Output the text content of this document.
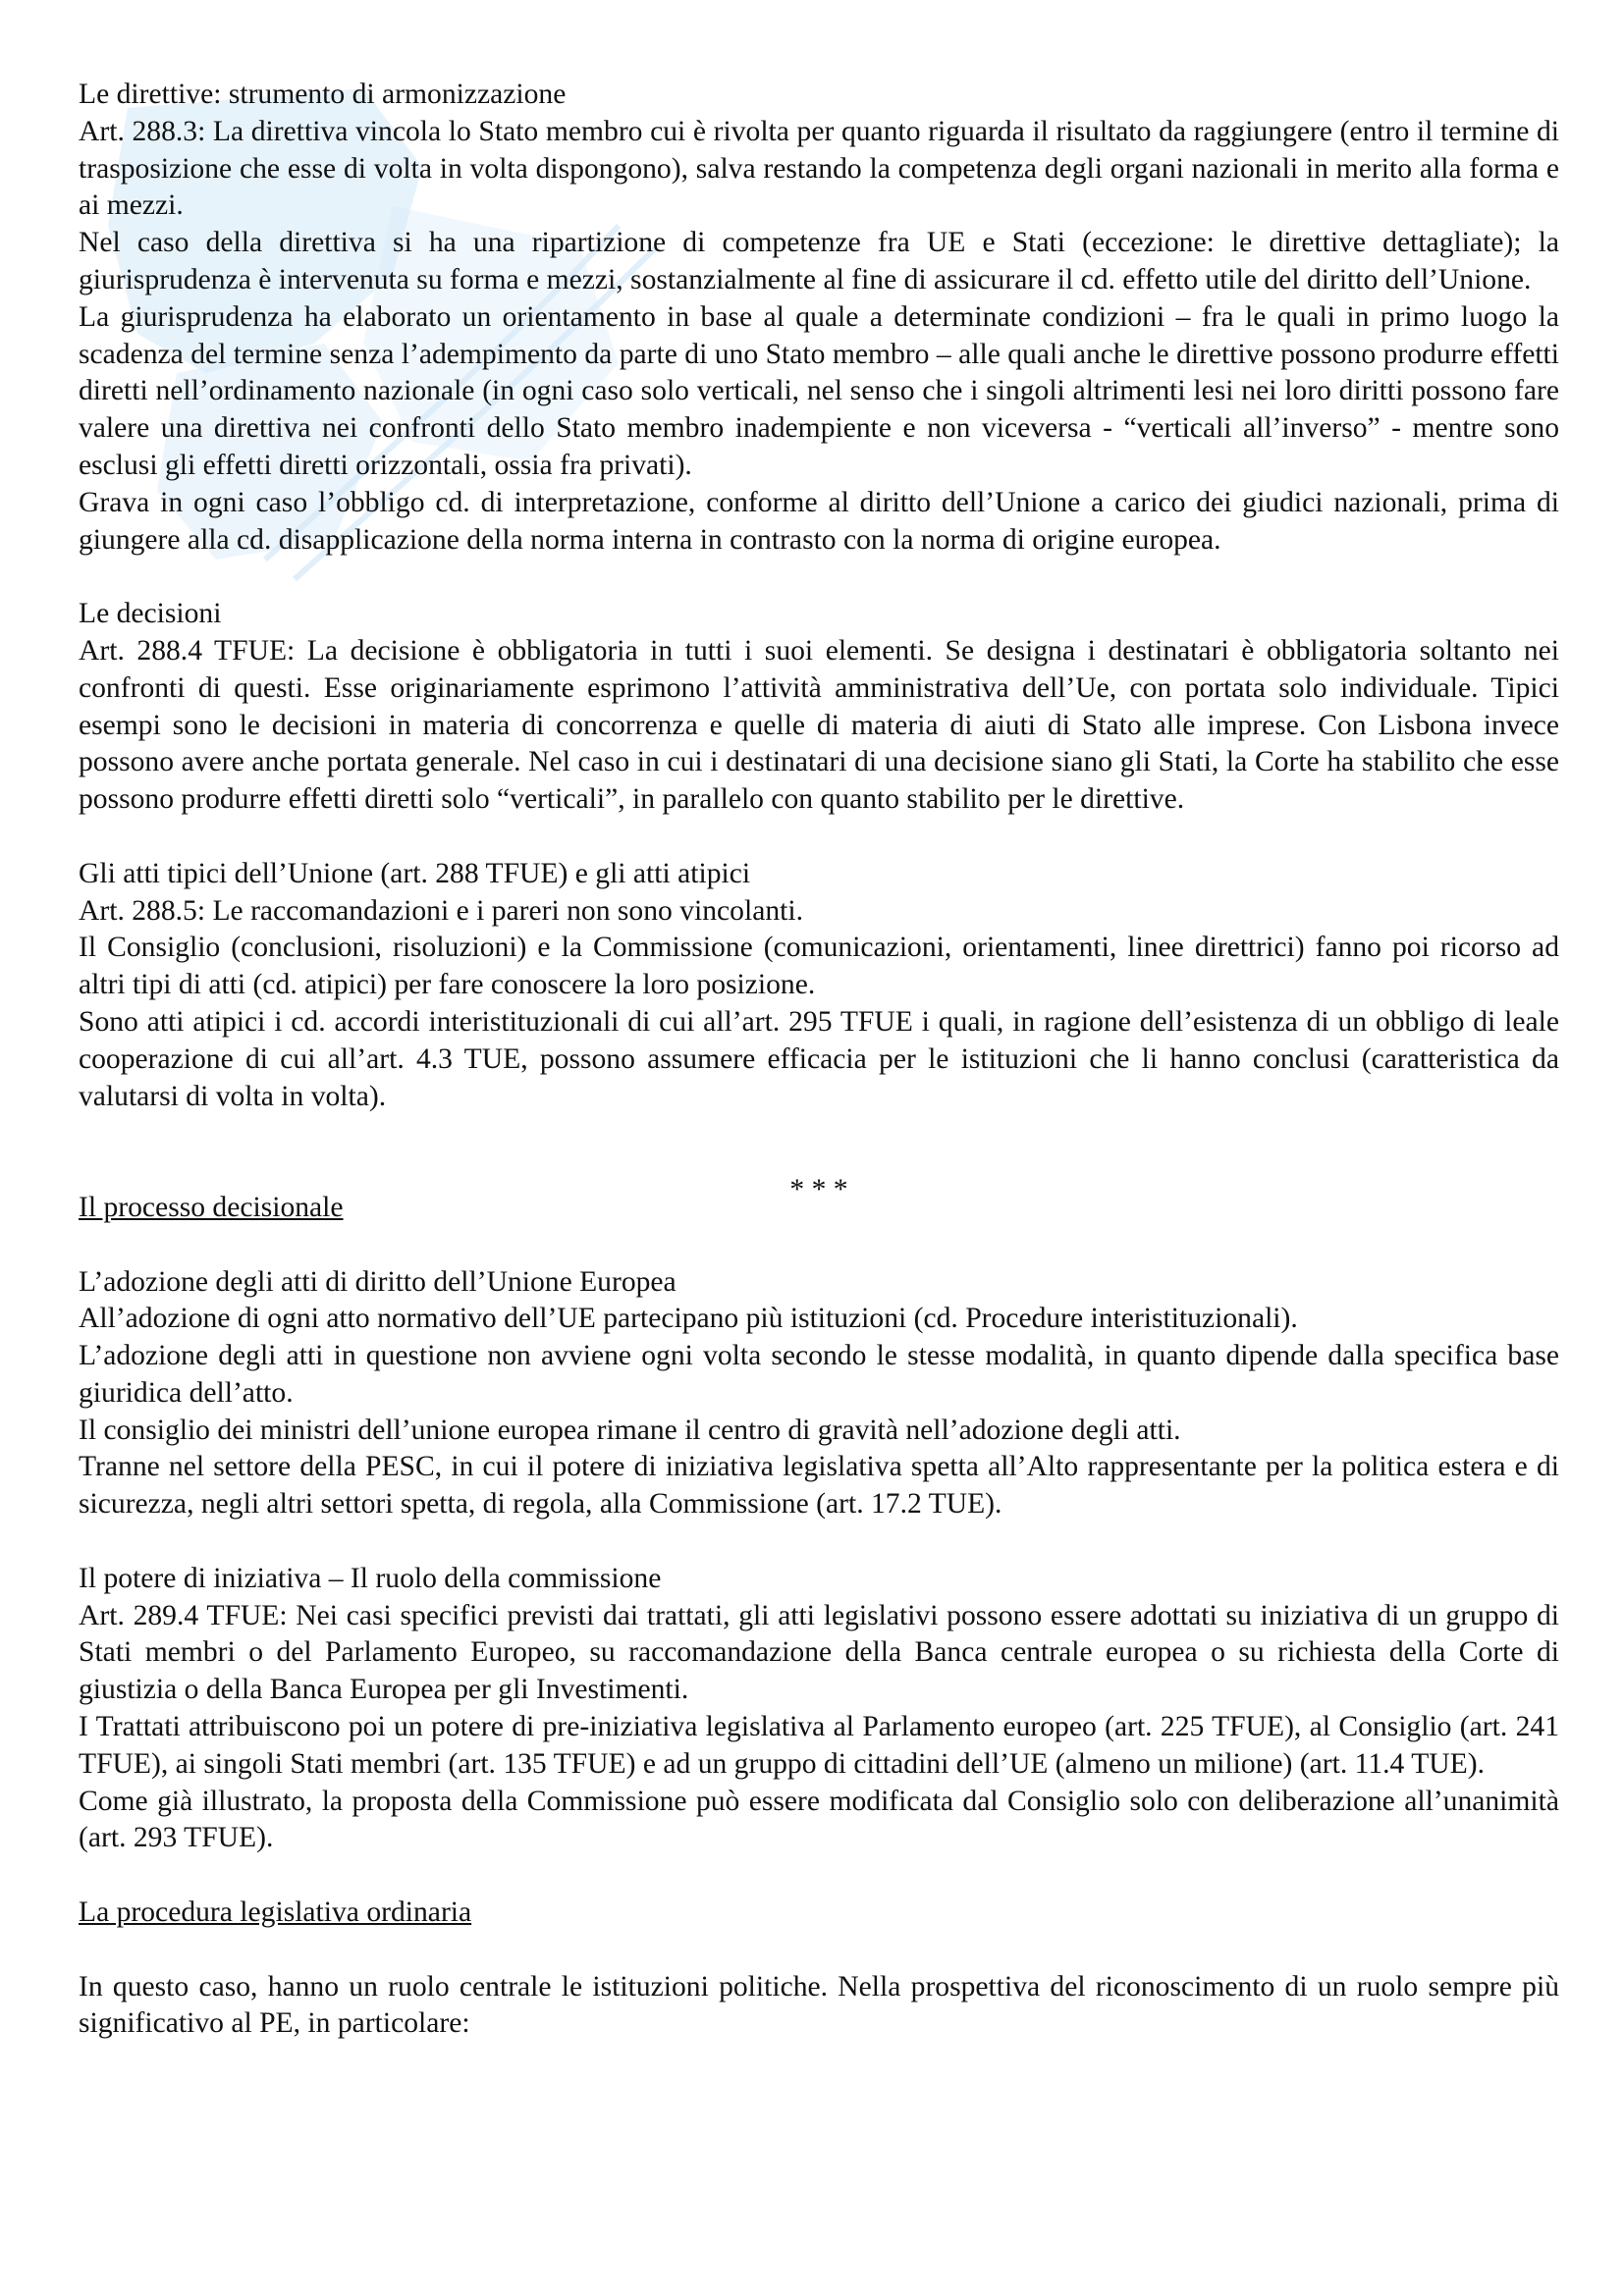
Le direttive: strumento di armonizzazione
Art. 288.3: La direttiva vincola lo Stato membro cui è rivolta per quanto riguarda il risultato da raggiungere (entro il termine di trasposizione che esse di volta in volta dispongono), salva restando la competenza degli organi nazionali in merito alla forma e ai mezzi.
Nel caso della direttiva si ha una ripartizione di competenze fra UE e Stati (eccezione: le direttive dettagliate); la giurisprudenza è intervenuta su forma e mezzi, sostanzialmente al fine di assicurare il cd. effetto utile del diritto dell’Unione.
La giurisprudenza ha elaborato un orientamento in base al quale a determinate condizioni – fra le quali in primo luogo la scadenza del termine senza l’adempimento da parte di uno Stato membro – alle quali anche le direttive possono produrre effetti diretti nell’ordinamento nazionale (in ogni caso solo verticali, nel senso che i singoli altrimenti lesi nei loro diritti possono fare valere una direttiva nei confronti dello Stato membro inadempiente e non viceversa - “verticali all’inverso” - mentre sono esclusi gli effetti diretti orizzontali, ossia fra privati).
Grava in ogni caso l’obbligo cd. di interpretazione, conforme al diritto dell’Unione a carico dei giudici nazionali, prima di giungere alla cd. disapplicazione della norma interna in contrasto con la norma di origine europea.
Le decisioni
Art. 288.4 TFUE: La decisione è obbligatoria in tutti i suoi elementi. Se designa i destinatari è obbligatoria soltanto nei confronti di questi. Esse originariamente esprimono l’attività amministrativa dell’Ue, con portata solo individuale. Tipici esempi sono le decisioni in materia di concorrenza e quelle di materia di aiuti di Stato alle imprese. Con Lisbona invece possono avere anche portata generale. Nel caso in cui i destinatari di una decisione siano gli Stati, la Corte ha stabilito che esse possono produrre effetti diretti solo “verticali”, in parallelo con quanto stabilito per le direttive.
Gli atti tipici dell’Unione (art. 288 TFUE) e gli atti atipici
Art. 288.5: Le raccomandazioni e i pareri non sono vincolanti.
Il Consiglio (conclusioni, risoluzioni) e la Commissione (comunicazioni, orientamenti, linee direttrici) fanno poi ricorso ad altri tipi di atti (cd. atipici) per fare conoscere la loro posizione.
Sono atti atipici i cd. accordi interistituzionali di cui all’art. 295 TFUE i quali, in ragione dell’esistenza di un obbligo di leale cooperazione di cui all’art. 4.3 TUE, possono assumere efficacia per le istituzioni che li hanno conclusi (caratteristica da valutarsi di volta in volta).
* * *
Il processo decisionale
L’adozione degli atti di diritto dell’Unione Europea
All’adozione di ogni atto normativo dell’UE partecipano più istituzioni (cd. Procedure interistituzionali).
L’adozione degli atti in questione non avviene ogni volta secondo le stesse modalità, in quanto dipende dalla specifica base giuridica dell’atto.
Il consiglio dei ministri dell’unione europea rimane il centro di gravità nell’adozione degli atti.
Tranne nel settore della PESC, in cui il potere di iniziativa legislativa spetta all’Alto rappresentante per la politica estera e di sicurezza, negli altri settori spetta, di regola, alla Commissione (art. 17.2 TUE).
Il potere di iniziativa – Il ruolo della commissione
Art. 289.4 TFUE: Nei casi specifici previsti dai trattati, gli atti legislativi possono essere adottati su iniziativa di un gruppo di Stati membri o del Parlamento Europeo, su raccomandazione della Banca centrale europea o su richiesta della Corte di giustizia o della Banca Europea per gli Investimenti.
I Trattati attribuiscono poi un potere di pre-iniziativa legislativa al Parlamento europeo (art. 225 TFUE), al Consiglio (art. 241 TFUE), ai singoli Stati membri (art. 135 TFUE) e ad un gruppo di cittadini dell’UE (almeno un milione) (art. 11.4 TUE).
Come già illustrato, la proposta della Commissione può essere modificata dal Consiglio solo con deliberazione all’unanimità (art. 293 TFUE).
La procedura legislativa ordinaria
In questo caso, hanno un ruolo centrale le istituzioni politiche. Nella prospettiva del riconoscimento di un ruolo sempre più significativo al PE, in particolare:
